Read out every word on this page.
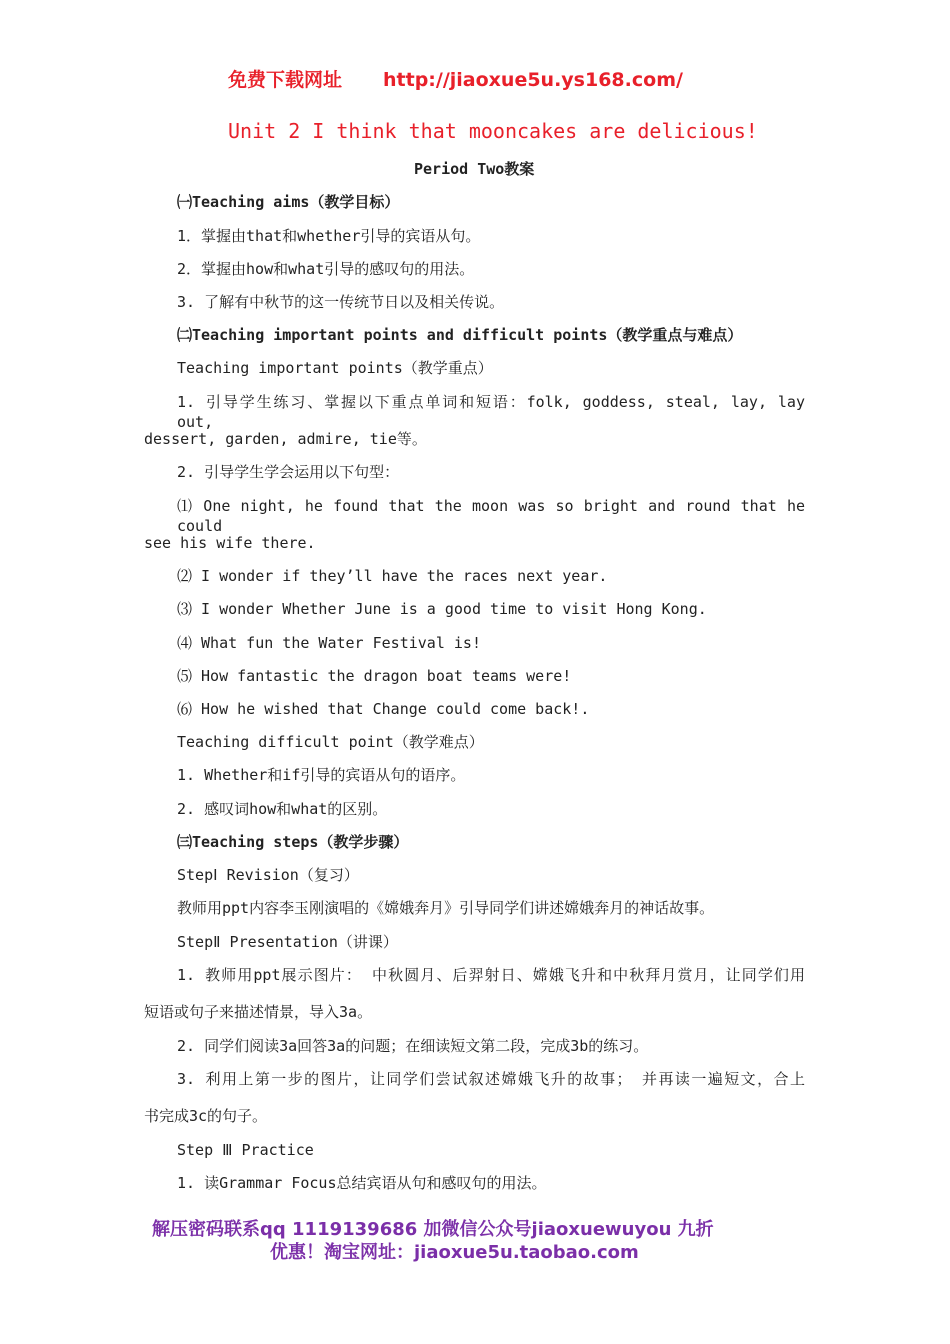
免费下载网址 http://jiaoxue5u.ys168.com/
Unit 2 I think that mooncakes are delicious!
Period Two教案
㈠Teaching aims（教学目标）
1．掌握由that和whether引导的宾语从句。
2．掌握由how和what引导的感叹句的用法。
3. 了解有中秋节的这一传统节日以及相关传说。
㈡Teaching important points and difficult points（教学重点与难点）
Teaching important points（教学重点）
1. 引导学生练习、掌握以下重点单词和短语：folk, goddess, steal, lay, lay out,
dessert, garden, admire, tie等。
2. 引导学生学会运用以下句型：
⑴ One night, he found that the moon was so bright and round that he could
see his wife there.
⑵ I wonder if they’ll have the races next year.
⑶ I wonder Whether June is a good time to visit Hong Kong.
⑷ What fun the Water Festival is!
⑸ How fantastic the dragon boat teams were!
⑹ How he wished that Change could come back!.
Teaching difficult point（教学难点）
1. Whether和if引导的宾语从句的语序。
2. 感叹词how和what的区别。
㈢Teaching steps（教学步骤）
StepⅠ Revision（复习）
教师用ppt内容李玉刚演唱的《嫦娥奔月》引导同学们讲述嫦娥奔月的神话故事。
StepⅡ Presentation（讲课）
1. 教师用ppt展示图片： 中秋圆月、后羿射日、嫦娥飞升和中秋拜月赏月，让同学们用
短语或句子来描述情景，导入3a。
2. 同学们阅读3a回答3a的问题；在细读短文第二段，完成3b的练习。
3. 利用上第一步的图片，让同学们尝试叙述嫦娥飞升的故事； 并再读一遍短文，合上
书完成3c的句子。
Step Ⅲ Practice
1. 读Grammar Focus总结宾语从句和感叹句的用法。
解压密码联系qq 1119139686 加微信公众号jiaoxuewuyou 九折
优惠！淘宝网址：jiaoxue5u.taobao.com
